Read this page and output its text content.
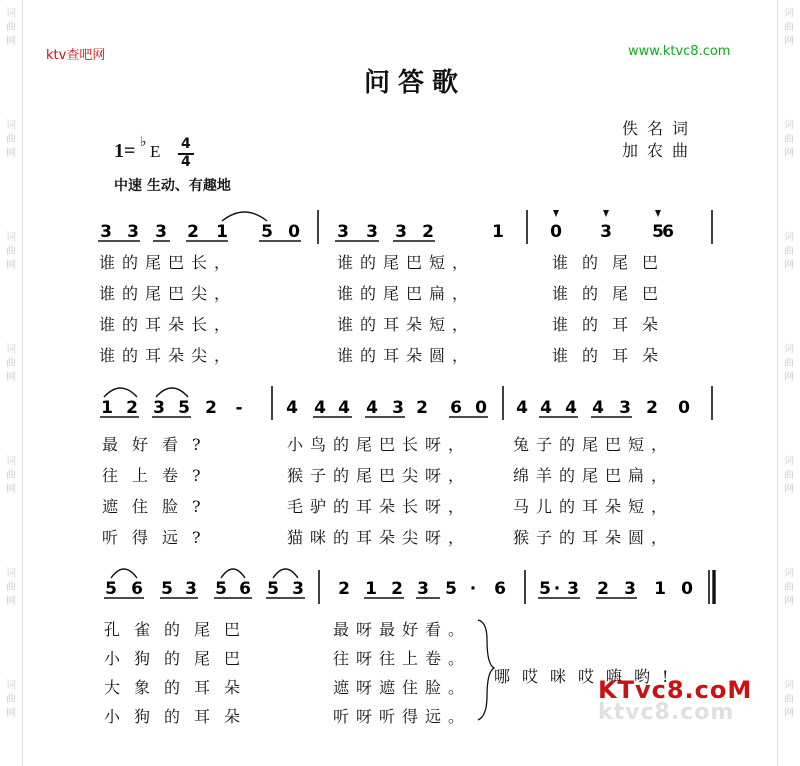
ktv查吧网	www.ktvc8.com
问答歌
佚名词
加农曲
1= ♭ E 4
4
中速 生动、有趣地
3 3 3 2 1 5 0 3 3 3 2	1	0 3 5
6
1 2 3 5 2 -	4 4 4 4 3 2 6 0 4 4 4 4 3 2 0
5 6 5 3 5 6 5 3 2 1 2 3 5 · 6 5 · 3 2 3 1 0
谁的尾巴长，	谁的尾巴短，	谁的尾巴
谁的尾巴尖，	谁的尾巴扁，	谁的尾巴
谁的耳朵长，	谁的耳朵短，	谁的耳朵
谁的耳朵尖，	谁的耳朵圆，	谁的耳朵
最好看?	小鸟的尾巴长呀，	兔子的尾巴短，
往上卷?	猴子的尾巴尖呀，	绵羊的尾巴扁，
遮住脸?	毛驴的耳朵长呀，	马儿的耳朵短，
听得远?	猫咪的耳朵尖呀，	猴子的耳朵圆，
孔雀的尾巴	最呀最好看。
小狗的尾巴	往呀往上卷。
大象的耳朵	遮呀遮住脸。
小狗的耳朵	听呀听得远。
哪哎咪哎嗨哟!
KTvc8.coM
ktvc8.com
词
曲
网
词
曲
网
词
曲
网
词
曲
网
词
曲
网
词
曲
网
词
曲
网
词
曲
网
词
曲
网
词
曲
网
词
曲
网
词
曲
网
词
曲
网
词
曲
网
